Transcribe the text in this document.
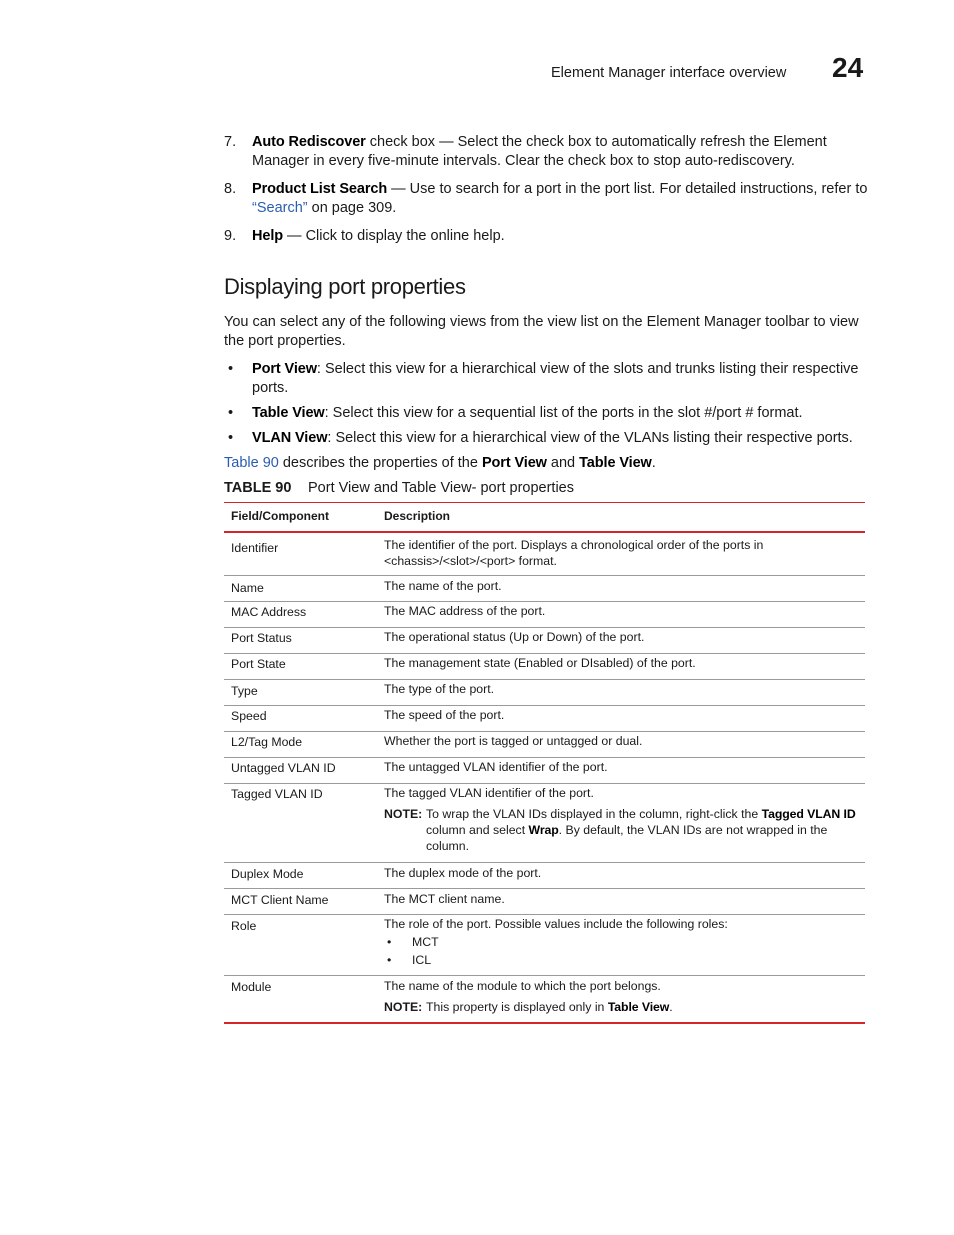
Element Manager interface overview 24
7. Auto Rediscover check box — Select the check box to automatically refresh the Element Manager in every five-minute intervals. Clear the check box to stop auto-rediscovery.
8. Product List Search — Use to search for a port in the port list. For detailed instructions, refer to “Search” on page 309.
9. Help — Click to display the online help.
Displaying port properties
You can select any of the following views from the view list on the Element Manager toolbar to view the port properties.
• Port View: Select this view for a hierarchical view of the slots and trunks listing their respective ports.
• Table View: Select this view for a sequential list of the ports in the slot #/port # format.
• VLAN View: Select this view for a hierarchical view of the VLANs listing their respective ports.
Table 90 describes the properties of the Port View and Table View.
TABLE 90 Port View and Table View- port properties
Field/Component	Description
Identifier	The identifier of the port. Displays a chronological order of the ports in <chassis>/<slot>/<port> format.
Name	The name of the port.
MAC Address	The MAC address of the port.
Port Status	The operational status (Up or Down) of the port.
Port State	The management state (Enabled or DIsabled) of the port.
Type	The type of the port.
Speed	The speed of the port.
L2/Tag Mode	Whether the port is tagged or untagged or dual.
Untagged VLAN ID	The untagged VLAN identifier of the port.
Tagged VLAN ID	The tagged VLAN identifier of the port.
NOTE: To wrap the VLAN IDs displayed in the column, right-click the Tagged VLAN ID column and select Wrap. By default, the VLAN IDs are not wrapped in the column.
Duplex Mode	The duplex mode of the port.
MCT Client Name	The MCT client name.
Role	The role of the port. Possible values include the following roles:
• MCT
• ICL
Module	The name of the module to which the port belongs.
NOTE: This property is displayed only in Table View.
